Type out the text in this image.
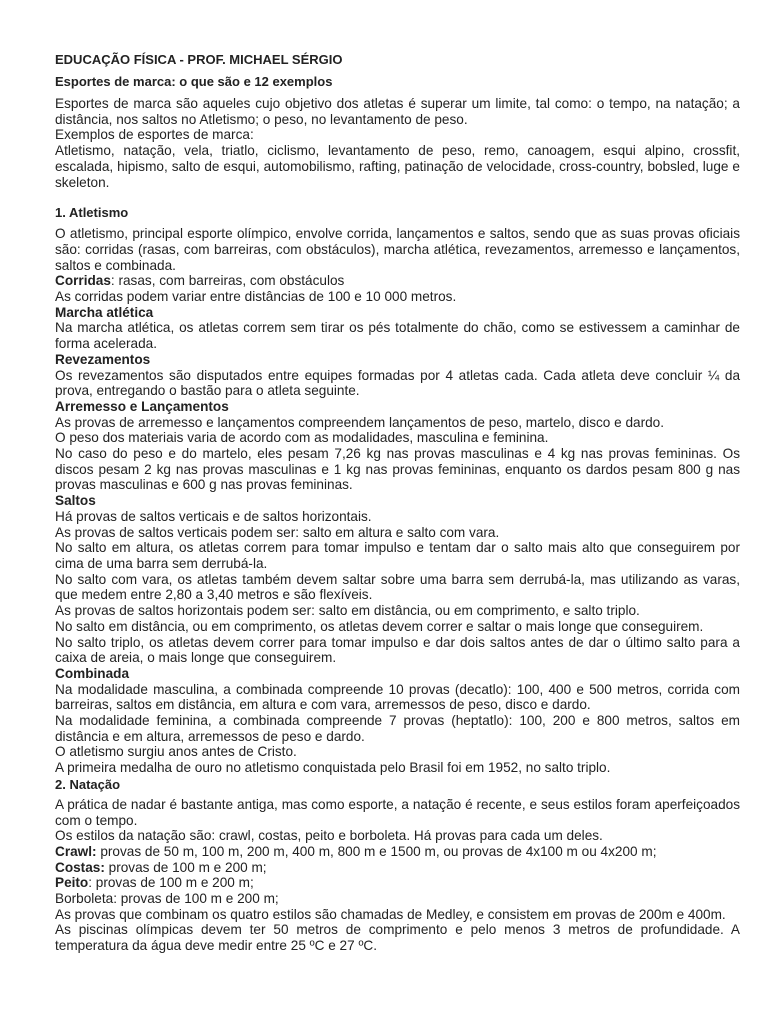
EDUCAÇÃO FÍSICA - PROF. MICHAEL SÉRGIO
Esportes de marca: o que são e 12 exemplos

Esportes de marca são aqueles cujo objetivo dos atletas é superar um limite, tal como: o tempo, na natação; a distância, nos saltos no Atletismo; o peso, no levantamento de peso.

Exemplos de esportes de marca:

Atletismo, natação, vela, triatlo, ciclismo, levantamento de peso, remo, canoagem, esqui alpino, crossfit, escalada, hipismo, salto de esqui, automobilismo, rafting, patinação de velocidade, cross-country, bobsled, luge e skeleton.

1. Atletismo

O atletismo, principal esporte olímpico, envolve corrida, lançamentos e saltos, sendo que as suas provas oficiais são: corridas (rasas, com barreiras, com obstáculos), marcha atlética, revezamentos, arremesso e lançamentos, saltos e combinada.

Corridas: rasas, com barreiras, com obstáculos

As corridas podem variar entre distâncias de 100 e 10 000 metros.

Marcha atlética

Na marcha atlética, os atletas correm sem tirar os pés totalmente do chão, como se estivessem a caminhar de forma acelerada.

Revezamentos

Os revezamentos são disputados entre equipes formadas por 4 atletas cada. Cada atleta deve concluir ¼ da prova, entregando o bastão para o atleta seguinte.

Arremesso e Lançamentos

As provas de arremesso e lançamentos compreendem lançamentos de peso, martelo, disco e dardo.

O peso dos materiais varia de acordo com as modalidades, masculina e feminina.

No caso do peso e do martelo, eles pesam 7,26 kg nas provas masculinas e 4 kg nas provas femininas. Os discos pesam 2 kg nas provas masculinas e 1 kg nas provas femininas, enquanto os dardos pesam 800 g nas provas masculinas e 600 g nas provas femininas.

Saltos

Há provas de saltos verticais e de saltos horizontais.

As provas de saltos verticais podem ser: salto em altura e salto com vara.

No salto em altura, os atletas correm para tomar impulso e tentam dar o salto mais alto que conseguirem por cima de uma barra sem derrubá-la.

No salto com vara, os atletas também devem saltar sobre uma barra sem derrubá-la, mas utilizando as varas, que medem entre 2,80 a 3,40 metros e são flexíveis.

As provas de saltos horizontais podem ser: salto em distância, ou em comprimento, e salto triplo.

No salto em distância, ou em comprimento, os atletas devem correr e saltar o mais longe que conseguirem.

No salto triplo, os atletas devem correr para tomar impulso e dar dois saltos antes de dar o último salto para a caixa de areia, o mais longe que conseguirem.

Combinada

Na modalidade masculina, a combinada compreende 10 provas (decatlo): 100, 400 e 500 metros, corrida com barreiras, saltos em distância, em altura e com vara, arremessos de peso, disco e dardo.

Na modalidade feminina, a combinada compreende 7 provas (heptatlo): 100, 200 e 800 metros, saltos em distância e em altura, arremessos de peso e dardo.

O atletismo surgiu anos antes de Cristo.

A primeira medalha de ouro no atletismo conquistada pelo Brasil foi em 1952, no salto triplo.

2. Natação

A prática de nadar é bastante antiga, mas como esporte, a natação é recente, e seus estilos foram aperfeiçoados com o tempo.

Os estilos da natação são: crawl, costas, peito e borboleta. Há provas para cada um deles.

Crawl: provas de 50 m, 100 m, 200 m, 400 m, 800 m e 1500 m, ou provas de 4x100 m ou 4x200 m;

Costas: provas de 100 m e 200 m;

Peito: provas de 100 m e 200 m;

Borboleta: provas de 100 m e 200 m;

As provas que combinam os quatro estilos são chamadas de Medley, e consistem em provas de 200m e 400m.

As piscinas olímpicas devem ter 50 metros de comprimento e pelo menos 3 metros de profundidade. A temperatura da água deve medir entre 25 ºC e 27 ºC.
